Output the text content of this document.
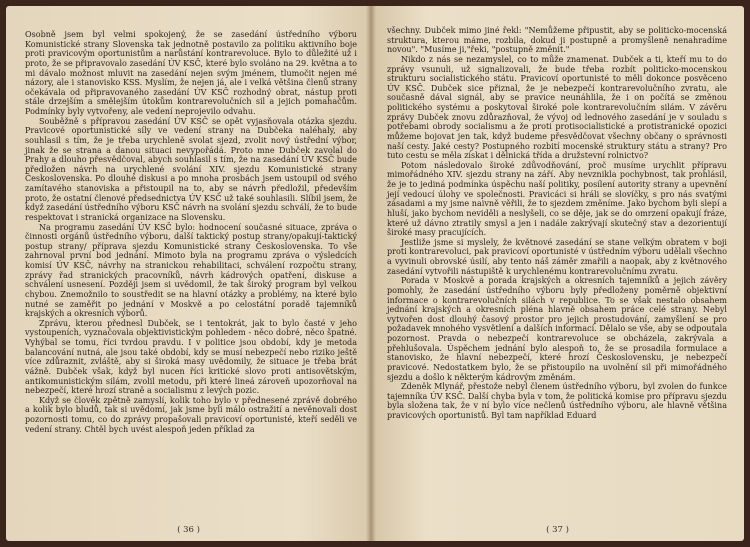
Osobně jsem byl velmi spokojený, že se zasedání ústředního výboru Komunistické strany Slovenska tak jednotně postavilo za politiku aktivního boje proti pravicovým oportunistům a narůstání kontrarevoluce. Bylo to důležité už i proto, že se připravovalo zasedání ÚV KSČ, které bylo svoláno na 29. května a to mi dávalo možnost mluvit na zasedání nejen svým jménem, tlumočit nejen mé názory, ale i stanovisko KSS. Myslím, že nejen já, ale i velká většina členů strany očekávala od připravovaného zasedání ÚV KSČ rozhodný obrat, nástup proti stále drzejším a smělejším útokům kontrarevolučních sil a jejich pomahačům. Podmínky byly vytvořeny, ale vedení neprojevilo odvahu.

Souběžně s přípravou zasedání ÚV KSČ se opět vyjasňovala otázka sjezdu. Pravicové oportunistické síly ve vedení strany na Dubčeka naléhaly, aby souhlasil s tím, že je třeba urychleně svolat sjezd, zvolit nový ústřední výbor, jinak že se strana a danou situaci nevypořádá. Proto mne Dubček zavolal do Prahy a dlouho přesvědčoval, abych souhlasil s tím, že na zasedání ÚV KSČ bude předložen návrh na urychlené svolání XIV. sjezdu Komunistické strany Československa. Po dlouhé diskusi a po mnoha prosbách jsem ustoupil od svého zamítavého stanoviska a přistoupil na to, aby se návrh předložil, především proto, že ostatní členové předsednictva ÚV KSČ už také souhlasili. Slíbil jsem, že když zasedání ústředního výboru KSČ návrh na svolání sjezdu schválí, že to bude respektovat i stranická organizace na Slovensku.

Na programu zasedání ÚV KSČ bylo: hodnocení současné situace, zpráva o činnosti orgánů ústředního výboru, další taktický postup strany/opakují-taktický postup strany/ příprava sjezdu Komunistické strany Československa. To vše zahrnoval první bod jednání. Mimoto byla na programu zpráva o výsledcích komisí ÚV KSČ, návrhy na stranickou rehabilitaci, schválení rozpočtu strany, zprávy řad stranických pracovníků, návrh kádrových opatření, diskuse a schválení usnesení. Později jsem si uvědomil, že tak široký program byl velkou chybou. Znemožnilo to soustředit se na hlavní otázky a problémy, na které bylo nutné se zaměřit po jednání v Moskvě a po celostátní poradě tajemníků krajských a okresních výborů.

Zprávu, kterou přednesl Dubček, se i tentokrát, jak to bylo časté v jeho vystoupeních, vyznačovala objektivistickým pohledem - něco dobré, něco špatné. Vyhýbal se tomu, říci tvrdou pravdu. I v politice jsou období, kdy je metoda balancování nutná, ale jsou také období, kdy se musí nebezpečí nebo riziko ještě více zdůraznit, zvláště, aby si široká masy uvědomily, že situace je třeba brát vážně. Dubček však, když byl nucen říci kritické slovo proti antisovětským, antikomunistickým silám, zvolil metodu, při které lineá zároveň upozorňoval na nebezpečí, které hrozí straně a socialismu z levých pozic.

Když se člověk zpětně zamyslí, kolik toho bylo v přednesené zprávě dobrého a kolik bylo bludů, tak si uvědomí, jak jsme byli málo ostražití a nevěnovali dost pozornosti tomu, co do zprávy propašovali pravicoví oportunisté, kteří seděli ve vedení strany. Chtěl bych uvést alespoň jeden příklad za

( 36 )

všechny. Dubček mimo jiné řekl: "Nemůžeme připustit, aby se politicko-mocenská struktura, kterou máme, rozbila, dokud ji postupně a promyšleně nenahradíme novou". "Musíme ji,"řeki, "postupně změnit."

Nikdo z nás se nezamyslel, co to může znamenat. Dubček a ti, kteří mu to do zprávy vsunuli, už signalizovali, že bude třeba rozbít politicko-mocenskou strukturu socialistického státu. Pravicoví oportunisté to měli dokonce posvěceno ÚV KSČ. Dubček sice přiznal, že je nebezpečí kontrarevolučního zvratu, ale současně dával signál, aby se pravice neunáhlila, že i on počítá se změnou politického systému a poskytoval široké pole kontrarevolučním silám. V závěru zprávy Dubček znovu zdůrazňoval, že vývoj od lednového zasedání je v souladu s potřebami obrody socialismu a že proti protisocialistické a protistranické opozici můžeme bojovat jen tak, když budeme přesvědčovat všechny občany o správnosti naší cesty. Jaké cesty? Postupného rozbití mocenské struktury státu a strany? Pro tuto cestu se měla získat i dělnická třída a družstevní rolnictvo?

Potom následovalo široké zdůvodňování, proč musíme urychlit přípravu mimořádného XIV. sjezdu strany na září. Aby nevznikla pochybnost, tak prohlásil, že je to jediná podmínka úspěchu naší politiky, posílení autority strany a upevnění její vedoucí úlohy ve společnosti. Pravicáci si hráli se slovíčky, s pro nás svatými zásadami a my jsme naivně věřili, že to sjezdem změníme. Jako bychom byli slepí a hluší, jako bychom neviděli a neslyšeli, co se děje, jak se do omrzení opakují fráze, které už dávno ztratily smysl a jen i nadále zakrývají skutečný stav a dezorientují široké masy pracujících.

Jestliže jsme si myslely, že květnové zasedání se stane velkým obratem v boji proti kontrarevoluci, pak pravicoví oportunisté v ústředním výboru udělali všechno a vyvinuli obrovské úsilí, aby tento náš záměr zmařili a naopak, aby z květnového zasedání vytvořili nástupiště k urychlenému kontrarevolučnímu zvratu.

Porada v Moskvě a porada krajských a okresních tajemníků a jejich závěry pomohly, že zasedání ústředního výboru byly předloženy poměrně objektivní informace o kontrarevolučních silách v republice. To se však nestalo obsahem jednání krajských a okresních pléna hlavně obsahem práce celé strany. Nebyl vytvořen dost dlouhý časový prostor pro jejich prostudování, zamyšlení se pro požadavek mnohého vysvětlení a dalších informací. Dělalo se vše, aby se odpoutala pozornost. Pravda o nebezpečí kontrarevoluce se obcházela, zakrývala a přehlušovala. Úspěchem jednání bylo alespoň to, že se prosadila formulace a stanovisko, že hlavní nebezpečí, které hrozí Československu, je nebezpečí pravicové. Nedostatkem bylo, že se přistoupilo na uvolnění sil při mimořádného sjezdu a došlo k některým kádrovým změnám.

Zdeněk Mlynář, přestože nebyl členem ústředního výboru, byl zvolen do funkce tajemníka ÚV KSČ. Další chyba byla v tom, že politická komise pro přípravu sjezdu byla složena tak, že v ní bylo více nečlenů ústředního výboru, ale hlavně většina pravicových oportunistů. Byl tam například Eduard

( 37 )
